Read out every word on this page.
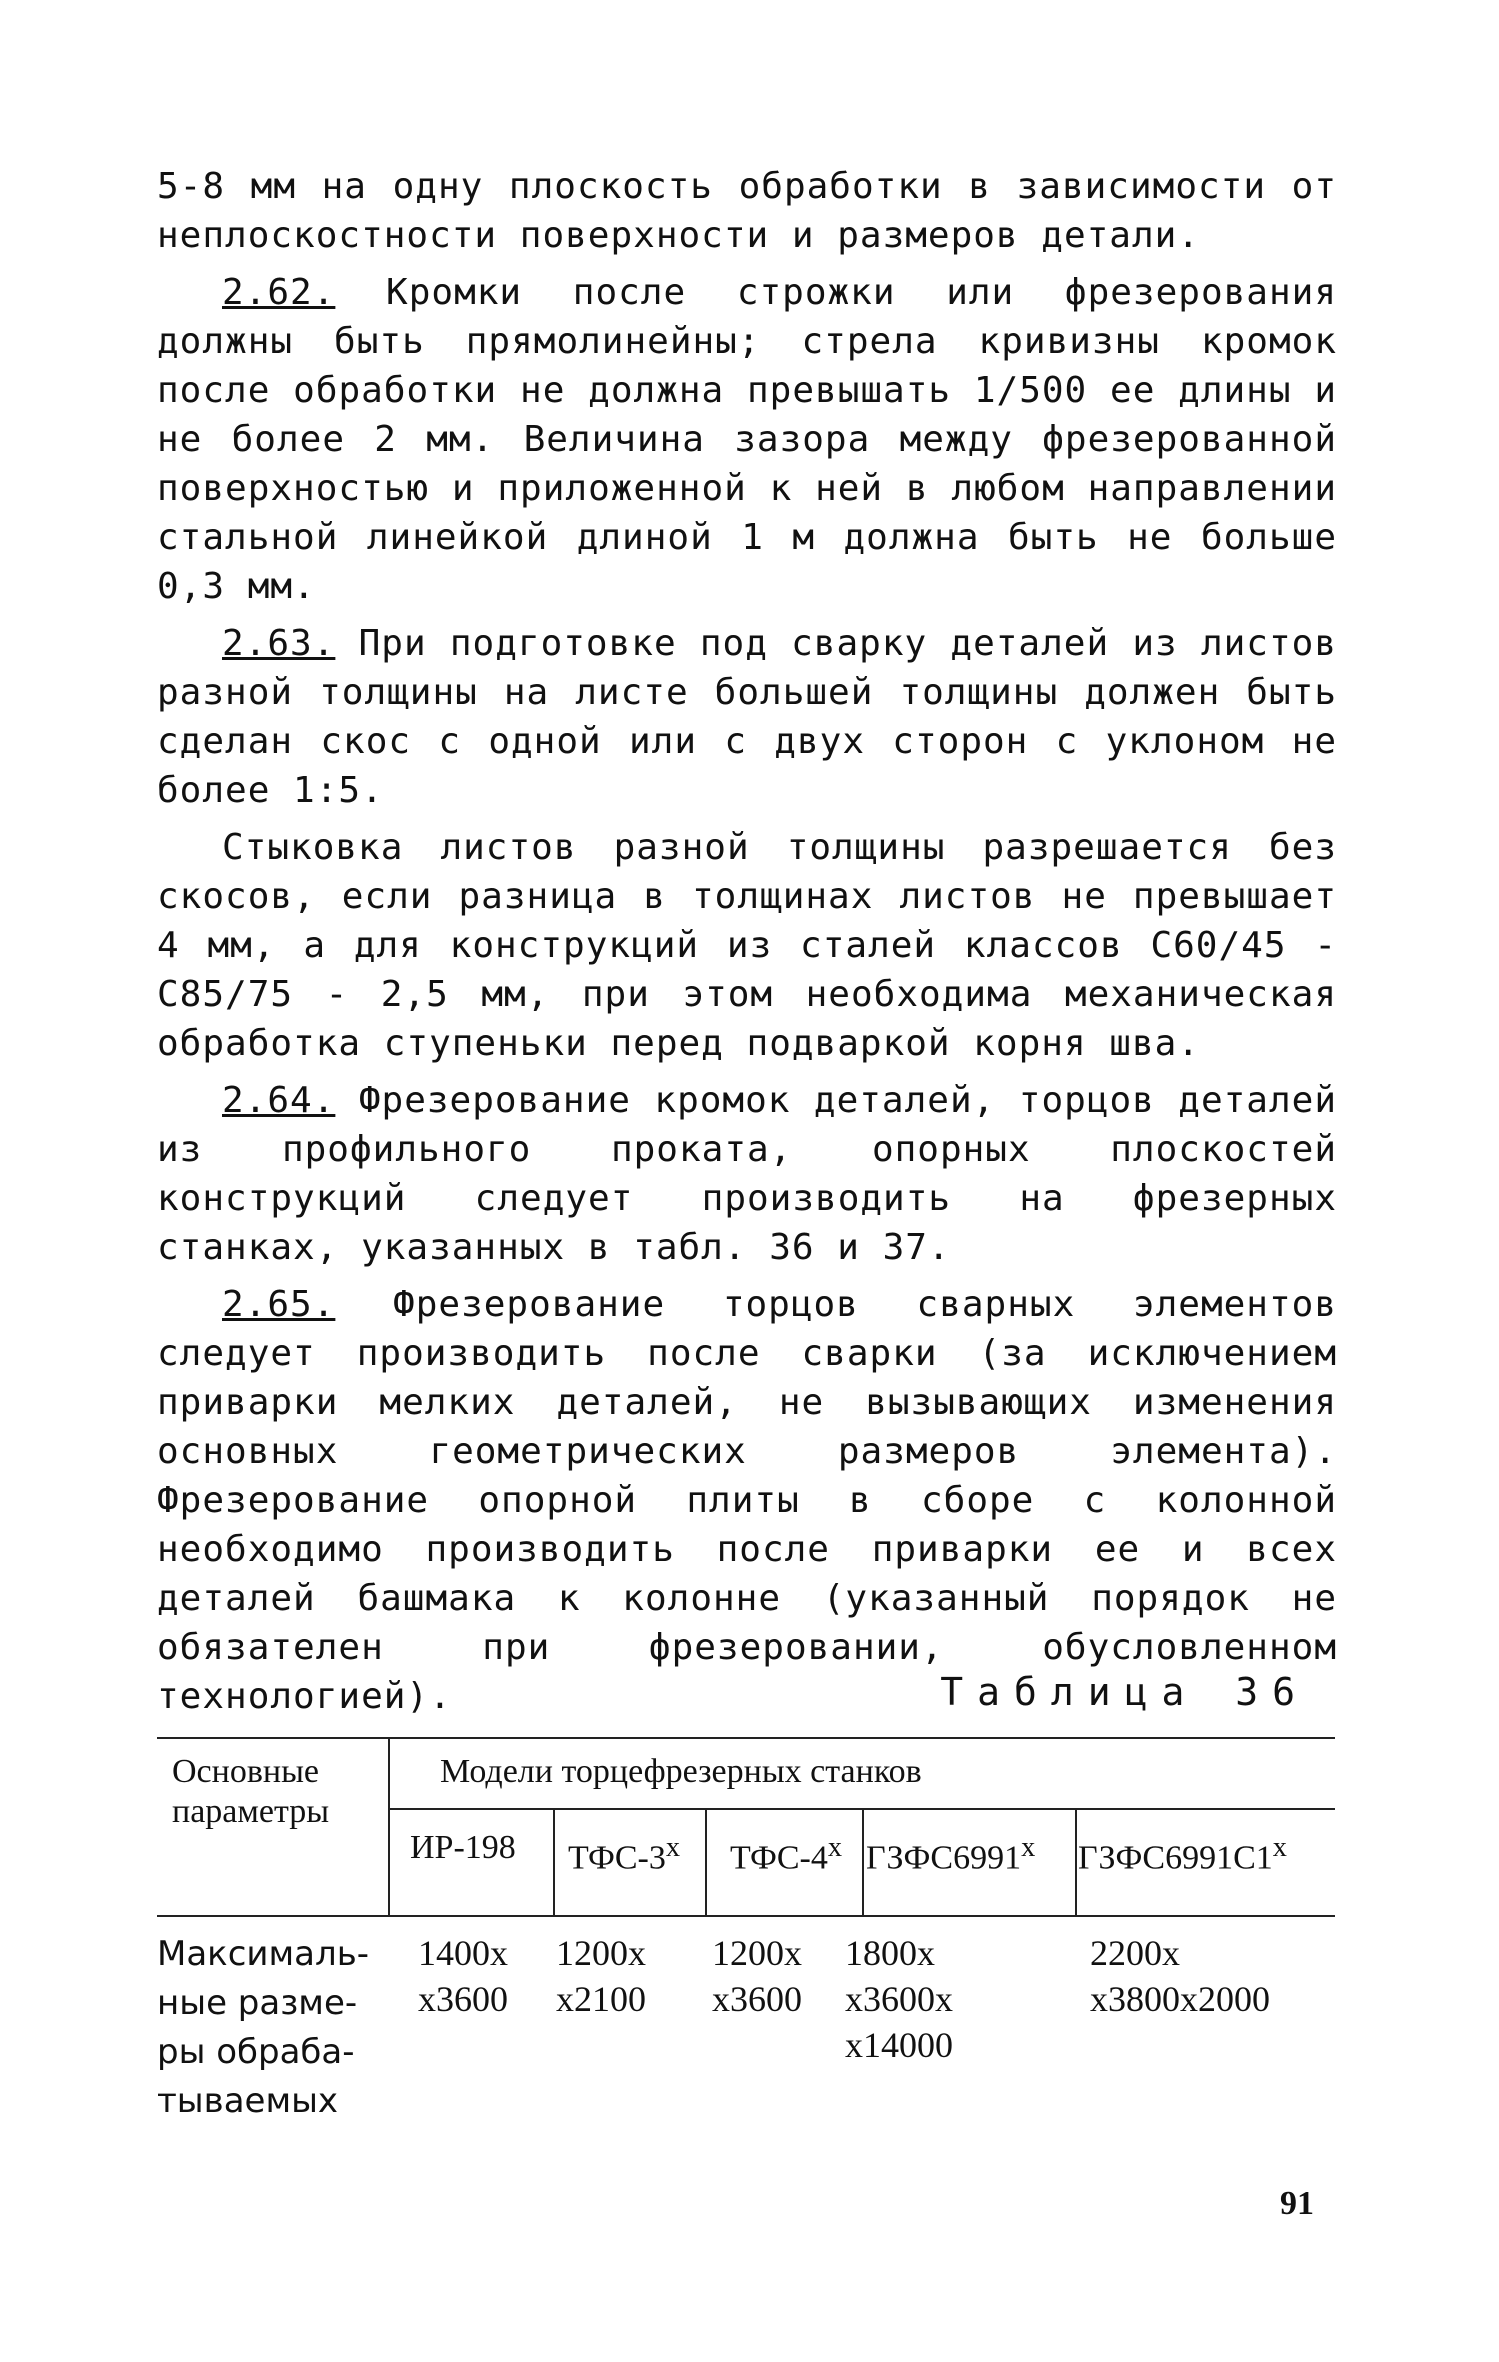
5-8 мм на одну плоскость обработки в зависимости от неплоскостности поверхности и размеров детали.

2.62. Кромки после строжки или фрезерования должны быть прямолинейны; стрела кривизны кромок после обработки не должна превышать 1/500 ее длины и не более 2 мм. Величина зазора между фрезерованной поверхностью и приложенной к ней в любом направлении стальной линейкой длиной 1 м должна быть не больше 0,3 мм.

2.63. При подготовке под сварку деталей из листов разной толщины на листе большей толщины должен быть сделан скос с одной или с двух сторон с уклоном не более 1:5.

Стыковка листов разной толщины разрешается без скосов, если разница в толщинах листов не превышает 4 мм, а для конструкций из сталей классов С60/45 - С85/75 - 2,5 мм, при этом необходима механическая обработка ступеньки перед подваркой корня шва.

2.64. Фрезерование кромок деталей, торцов деталей из профильного проката, опорных плоскостей конструкций следует производить на фрезерных станках, указанных в табл. 36 и 37.

2.65. Фрезерование торцов сварных элементов следует производить после сварки (за исключением приварки мелких деталей, не вызывающих изменения основных геометрических размеров элемента). Фрезерование опорной плиты в сборе с колонной необходимо производить после приварки ее и всех деталей башмака к колонне (указанный порядок не обязателен при фрезеровании, обусловленном технологией).	Таблица 36
Основные
параметры
Модели торцефрезерных станков
ИР-198 ТФС-3$^x$ ТФС-4$^x$ ГЗФС6991$^x$ ГЗФС6991С1$^x$
Максималь-
ные разме-
ры обраба-
тываемых
1400x
x3600
1200x
x2100
1200x
x3600
1800x
x3600x
x14000
2200x
x3800x2000
91
